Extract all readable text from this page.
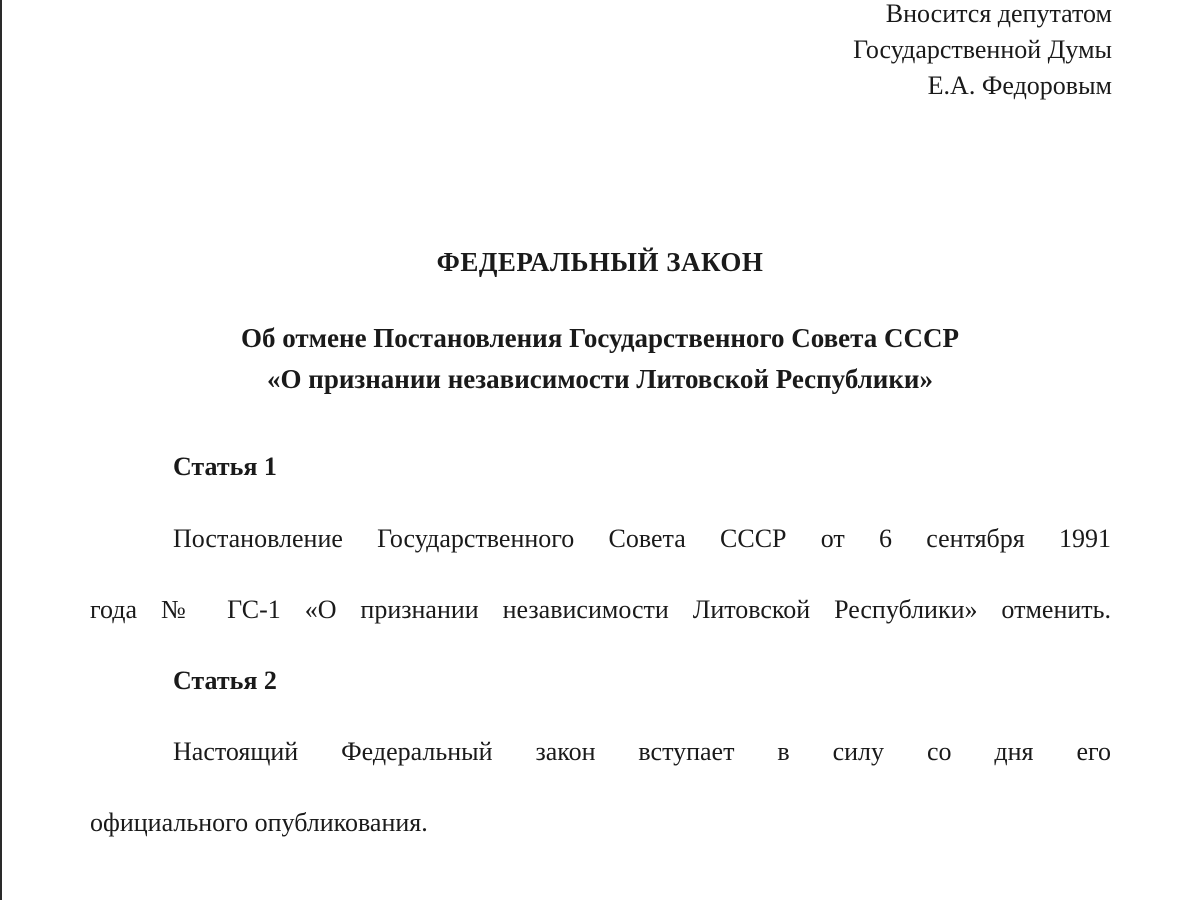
Вносится депутатом
Государственной Думы
Е.А. Федоровым
ФЕДЕРАЛЬНЫЙ ЗАКОН
Об отмене Постановления Государственного Совета СССР
«О признании независимости Литовской Республики»
Статья 1
Постановление Государственного Совета СССР от 6 сентября 1991
года № ГС-1 «О признании независимости Литовской Республики» отменить.
Статья 2
Настоящий Федеральный закон вступает в силу со дня его
официального опубликования.
